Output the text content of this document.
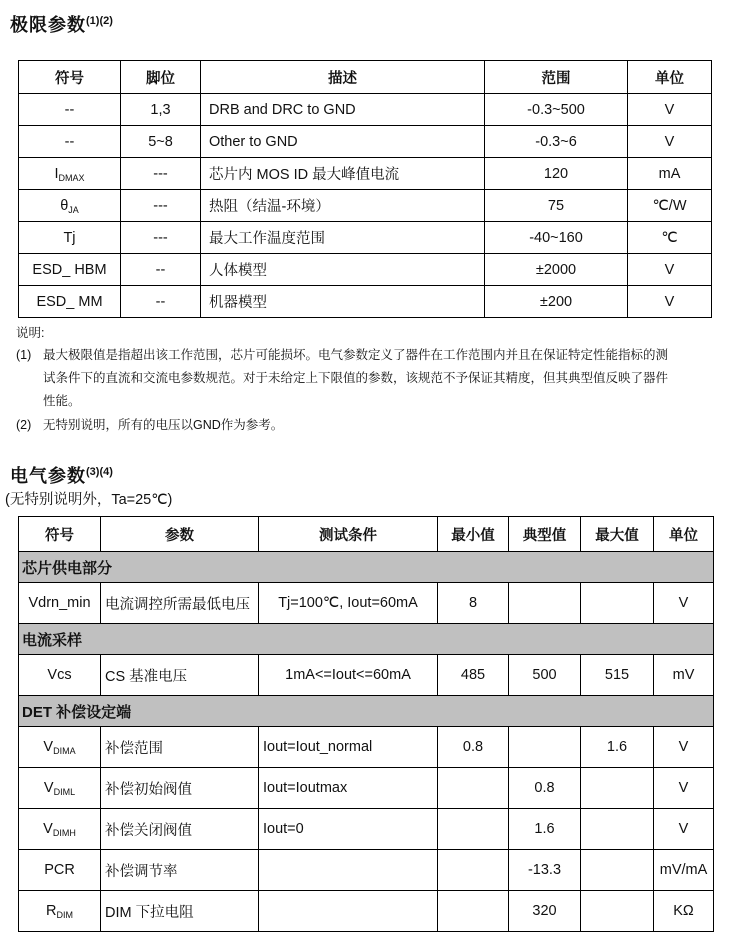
极限参数$^{(1)(2)}$
符号	脚位	描述	范围	单位
--	1,3	DRB and DRC to GND	-0.3~500	V
--	5~8	Other to GND	-0.3~6	V
$I_{DMAX}$	---	芯片内 MOS ID 最大峰值电流	120	mA
$\theta_{JA}$	---	热阻（结温-环境）	75	℃/W
Tj	---	最大工作温度范围	-40~160	℃
ESD_ HBM	--	人体模型	±2000	V
ESD_ MM	--	机器模型	±200	V
说明:
(1) 最大极限值是指超出该工作范围，芯片可能损坏。电气参数定义了器件在工作范围内并且在保证特定性能指标的测
试条件下的直流和交流电参数规范。对于未给定上下限值的参数，该规范不予保证其精度，但其典型值反映了器件
性能。
(2) 无特别说明，所有的电压以GND作为参考。
电气参数$^{(3)(4)}$
(无特别说明外，Ta=25℃)
符号	参数	测试条件	最小值	典型值	最大值	单位
芯片供电部分						
Vdrn_min	电流调控所需最低电压	Tj=100℃, Iout=60mA	8			V
电流采样						
Vcs	CS 基准电压	1mA<=Iout<=60mA	485	500	515	mV
DET 补偿设定端						
$V_{DIMA}$	补偿范围	Iout=Iout_normal	0.8		1.6	V
$V_{DIML}$	补偿初始阀值	Iout=Ioutmax		0.8		V
$V_{DIMH}$	补偿关闭阀值	Iout=0		1.6		V
PCR	补偿调节率			-13.3		mV/mA
$R_{DIM}$	DIM 下拉电阻			320		KΩ
